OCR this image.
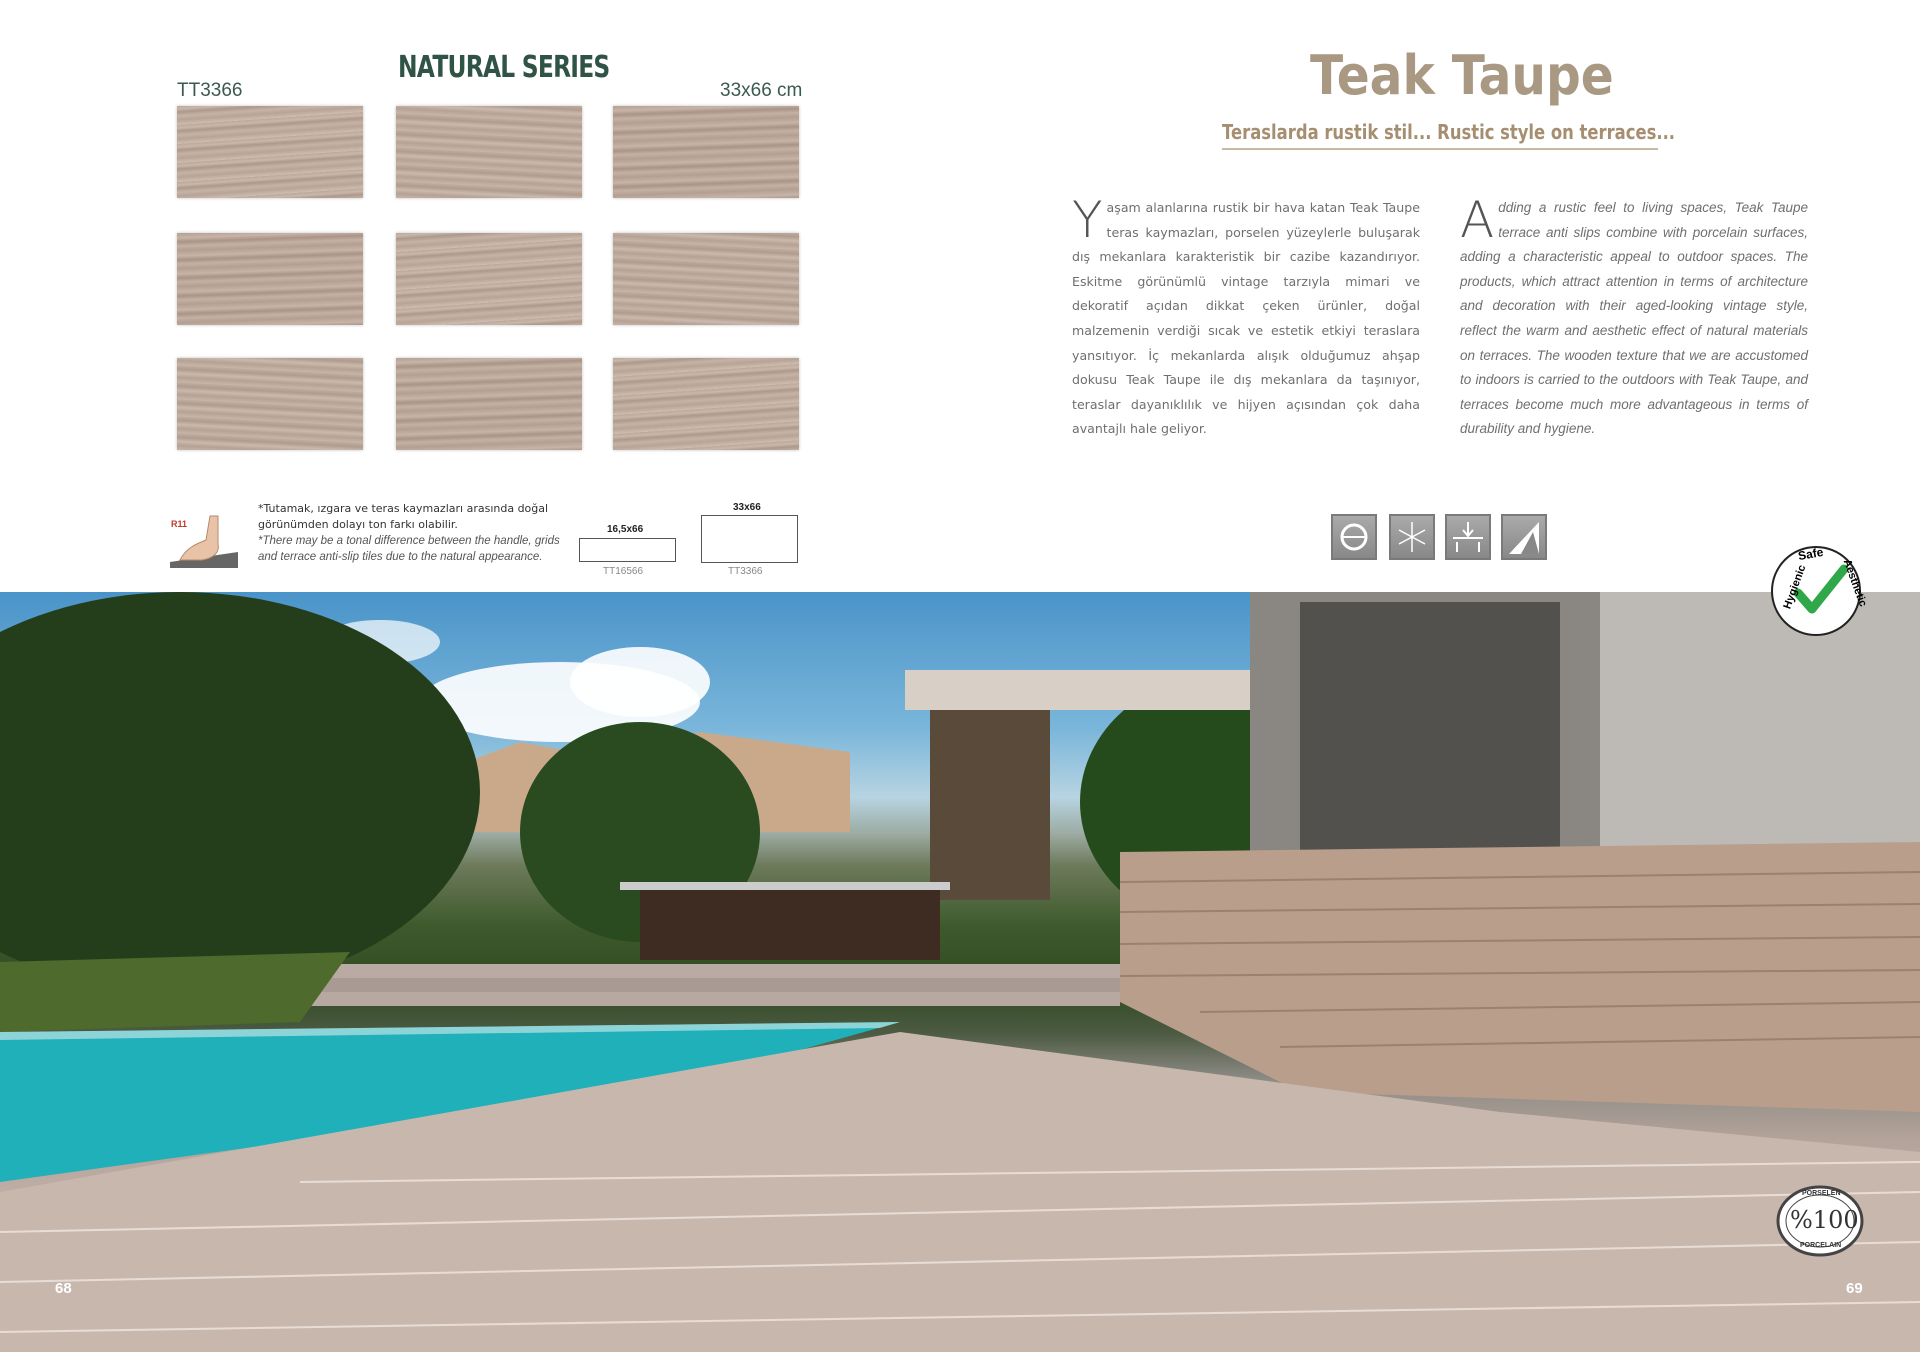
NATURAL SERIES
TT3366	33x66 cm
R11
*Tutamak, ızgara ve teras kaymazları arasında doğal görünümden dolayı ton farkı olabilir.
*There may be a tonal difference between the handle, grids and terrace anti-slip tiles due to the natural appearance.
16,5x66
TT16566
33x66
TT3366
Teak Taupe
Teraslarda rustik stil... Rustic style on terraces...
Yaşam alanlarına rustik bir hava katan Teak Taupe teras kaymazları, porselen yüzeylerle buluşarak dış mekanlara karakteristik bir cazibe kazandırıyor. Eskitme görünümlü vintage tarzıyla mimari ve dekoratif açıdan dikkat çeken ürünler, doğal malzemenin verdiği sıcak ve estetik etkiyi teraslara yansıtıyor. İç mekanlarda alışık olduğumuz ahşap dokusu Teak Taupe ile dış mekanlara da taşınıyor, teraslar dayanıklılık ve hijyen açısından çok daha avantajlı hale geliyor.
Adding a rustic feel to living spaces, Teak Taupe terrace anti slips combine with porcelain surfaces, adding a characteristic appeal to outdoor spaces. The products, which attract attention in terms of architecture and decoration with their aged-looking vintage style, reflect the warm and aesthetic effect of natural materials on terraces. The wooden texture that we are accustomed to indoors is carried to the outdoors with Teak Taupe, and terraces become much more advantageous in terms of durability and hygiene.
Hygienic
Safe
Aesthetic
PORSELEN
%100
PORCELAIN
68	69
